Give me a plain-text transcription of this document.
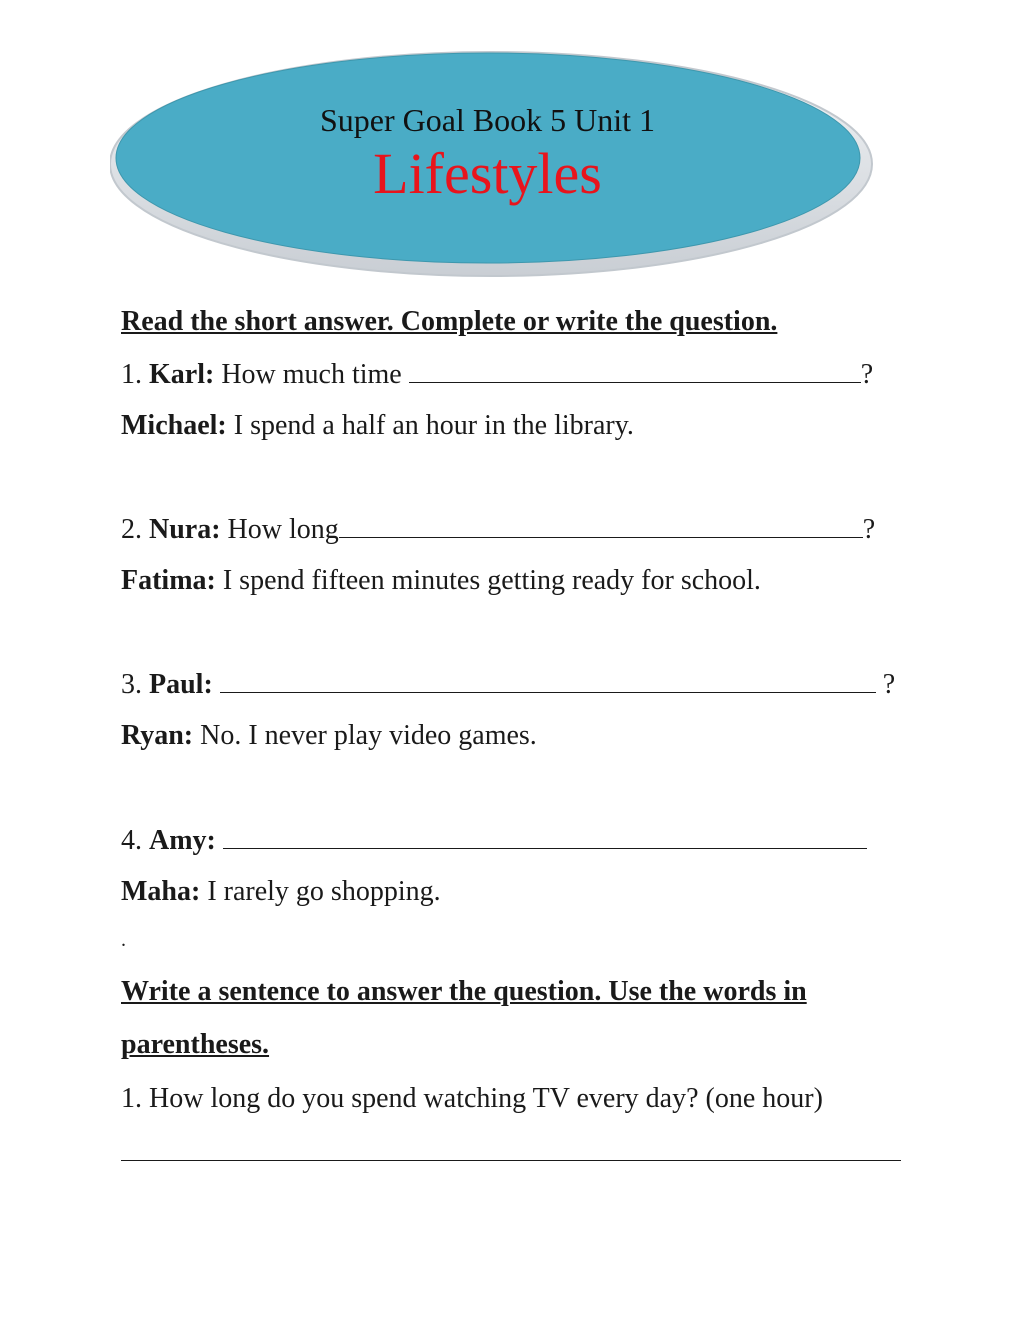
Super Goal Book 5 Unit 1
Lifestyles
Read the short answer. Complete or write the question.
1. Karl: How much time	?
Michael: I spend a half an hour in the library.
2. Nura: How long	?
Fatima: I spend fifteen minutes getting ready for school.
3. Paul:	?
Ryan: No. I never play video games.
4. Amy:
Maha: I rarely go shopping.
.
Write a sentence to answer the question. Use the words in
parentheses.
1. How long do you spend watching TV every day? (one hour)
